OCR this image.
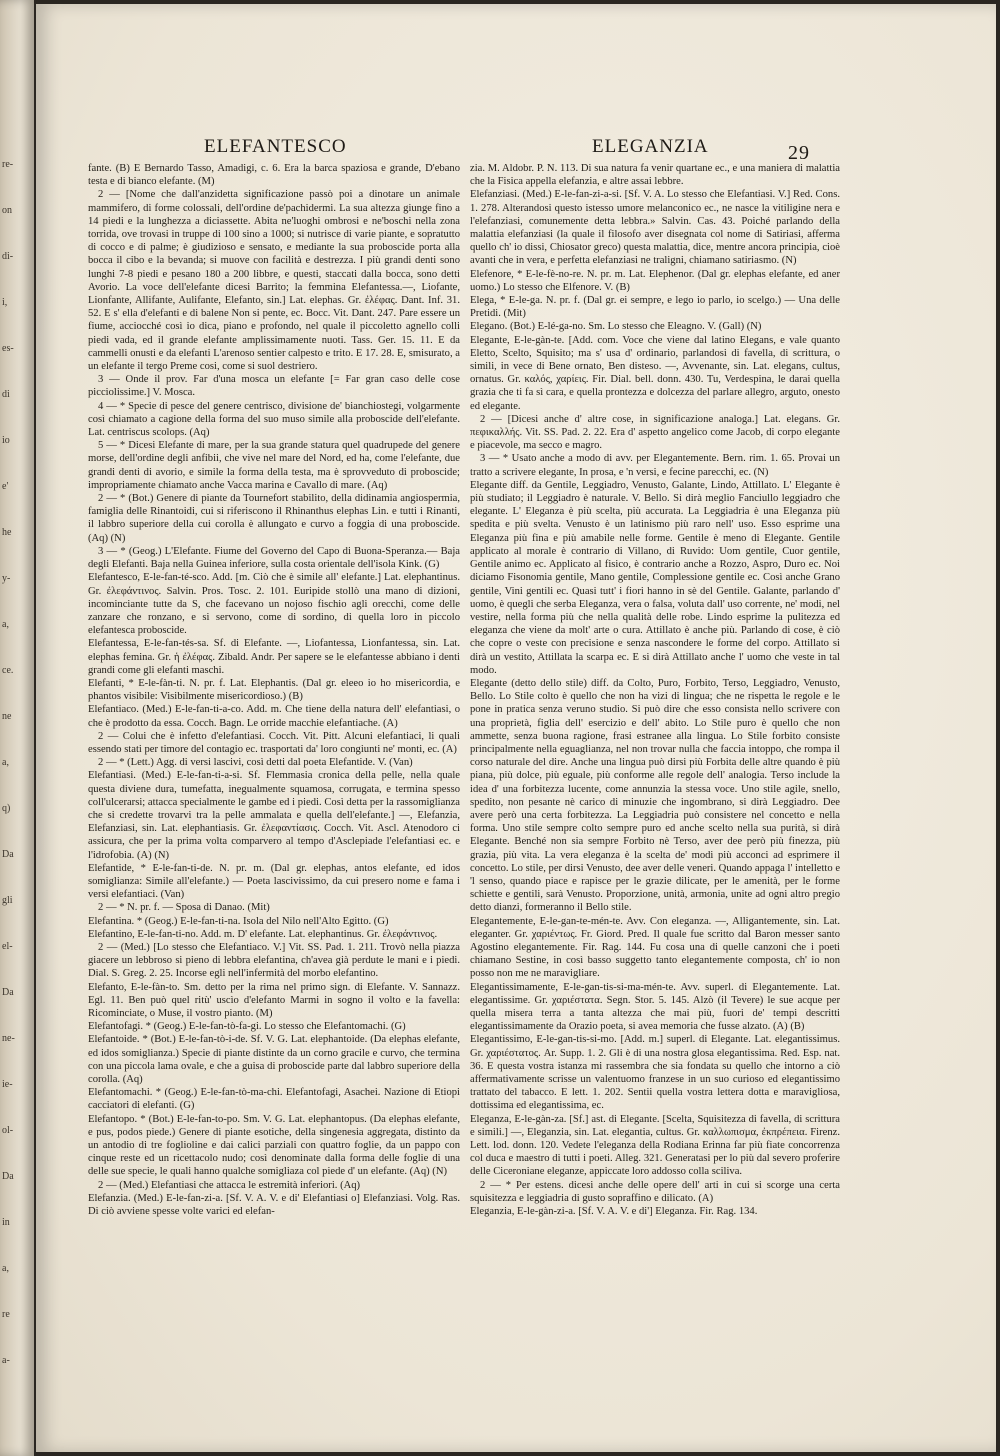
re-
on
di-
i,
es-
di
io
e'
he
y-
a,
ce.
ne
a,
q)
Da
gli
el-
Da
ne-
ie-
ol-
Da
in
a,
re
a-
ELEFANTESCO	ELEGANZIA	29

fante. (B) E Bernardo Tasso, Amadigi, c. 6. Era la barca spaziosa e grande, D'ebano testa e di bianco elefante. (M)

2 — [Nome che dall'anzidetta significazione passò poi a dinotare un animale mammifero, di forme colossali, dell'ordine de'pachidermi. La sua altezza giunge fino a 14 piedi e la lunghezza a diciassette. Abita ne'luoghi ombrosi e ne'boschi nella zona torrida, ove trovasi in truppe di 100 sino a 1000; si nutrisce di varie piante, e sopratutto di cocco e di palme; è giudizioso e sensato, e mediante la sua proboscide porta alla bocca il cibo e la bevanda; si muove con facilità e destrezza. I più grandi denti sono lunghi 7-8 piedi e pesano 180 a 200 libbre, e questi, staccati dalla bocca, sono detti Avorio. La voce dell'elefante dicesi Barrito; la femmina Elefantessa.—, Liofante, Lionfante, Allifante, Aulifante, Elefanto, sin.] Lat. elephas. Gr. ἐλέφας. Dant. Inf. 31. 52. E s' ella d'elefanti e di balene Non si pente, ec. Bocc. Vit. Dant. 247. Pare essere un fiume, acciocché così io dica, piano e profondo, nel quale il piccoletto agnello colli piedi vada, ed il grande elefante amplissimamente nuoti. Tass. Ger. 15. 11. E da cammelli onusti e da elefanti L'arenoso sentier calpesto e trito. E 17. 28. E, smisurato, a un elefante il tergo Preme cosi, come si suol destriero.

3 — Onde il prov. Far d'una mosca un elefante [= Far gran caso delle cose picciolissime.] V. Mosca.

4 — * Specie di pesce del genere centrisco, divisione de' bianchiostegi, volgarmente così chiamato a cagione della forma del suo muso simile alla proboscide dell'elefante. Lat. centriscus scolops. (Aq)

5 — * Dicesi Elefante di mare, per la sua grande statura quel quadrupede del genere morse, dell'ordine degli anfibii, che vive nel mare del Nord, ed ha, come l'elefante, due grandi denti di avorio, e simile la forma della testa, ma è sprovveduto di proboscide; impropriamente chiamato anche Vacca marina e Cavallo di mare. (Aq)

2 — * (Bot.) Genere di piante da Tournefort stabilito, della didinamia angiospermia, famiglia delle Rinantoidi, cui si riferiscono il Rhinanthus elephas Lin. e tutti i Rinanti, il labbro superiore della cui corolla è allungato e curvo a foggia di una proboscide. (Aq) (N)

3 — * (Geog.) L'Elefante. Fiume del Governo del Capo di Buona-Speranza.— Baja degli Elefanti. Baja nella Guinea inferiore, sulla costa orientale dell'isola Kink. (G)

Elefantesco, E-le-fan-té-sco. Add. [m. Ciò che è simile all' elefante.] Lat. elephantinus. Gr. ἐλεφάντινος. Salvin. Pros. Tosc. 2. 101. Euripide stollò una mano di dizioni, incominciante tutte da S, che facevano un nojoso fischio agli orecchi, come delle zanzare che ronzano, e si servono, come di sordino, di quella loro in piccolo elefantesca proboscide.

Elefantessa, E-le-fan-tés-sa. Sf. di Elefante. —, Liofantessa, Lionfantessa, sin. Lat. elephas femina. Gr. ἡ ἐλέφας. Zibald. Andr. Per sapere se le elefantesse abbiano i denti grandi come gli elefanti maschi.

Elefanti, * E-le-fàn-ti. N. pr. f. Lat. Elephantis. (Dal gr. eleeo io ho misericordia, e phantos visibile: Visibilmente misericordioso.) (B)

Elefantiaco. (Med.) E-le-fan-ti-a-co. Add. m. Che tiene della natura dell' elefantiasi, o che è prodotto da essa. Cocch. Bagn. Le orride macchie elefantiache. (A)

2 — Colui che è infetto d'elefantiasi. Cocch. Vit. Pitt. Alcuni elefantiaci, li quali essendo stati per timore del contagio ec. trasportati da' loro congiunti ne' monti, ec. (A)

2 — * (Lett.) Agg. di versi lascivi, così detti dal poeta Elefantide. V. (Van)

Elefantiasi. (Med.) E-le-fan-ti-a-si. Sf. Flemmasia cronica della pelle, nella quale questa diviene dura, tumefatta, inegualmente squamosa, corrugata, e termina spesso coll'ulcerarsi; attacca specialmente le gambe ed i piedi. Così detta per la rassomiglianza che si credette trovarvi tra la pelle ammalata e quella dell'elefante.] —, Elefanzia, Elefanziasi, sin. Lat. elephantiasis. Gr. ἐλεφαντίασις. Cocch. Vit. Ascl. Atenodoro ci assicura, che per la prima volta comparvero al tempo d'Asclepiade l'elefantiasi ec. e l'idrofobia. (A) (N)

Elefantide, * E-le-fan-ti-de. N. pr. m. (Dal gr. elephas, antos elefante, ed idos somiglianza: Simile all'elefante.) — Poeta lascivissimo, da cui presero nome e fama i versi elefantiaci. (Van)

2 — * N. pr. f. — Sposa di Danao. (Mit)

Elefantina. * (Geog.) E-le-fan-ti-na. Isola del Nilo nell'Alto Egitto. (G)

Elefantino, E-le-fan-ti-no. Add. m. D' elefante. Lat. elephantinus. Gr. ἐλεφάντινος.

2 — (Med.) [Lo stesso che Elefantiaco. V.] Vit. SS. Pad. 1. 211. Trovò nella piazza giacere un lebbroso si pieno di lebbra elefantina, ch'avea già perdute le mani e i piedi. Dial. S. Greg. 2. 25. Incorse egli nell'infermità del morbo elefantino.

Elefanto, E-le-fàn-to. Sm. detto per la rima nel primo sign. di Elefante. V. Sannazz. Egl. 11. Ben può quel ritù' uscìo d'elefanto Marmi in sogno il volto e la favella: Ricominciate, o Muse, il vostro pianto. (M)

Elefantofagi. * (Geog.) E-le-fan-tò-fa-gi. Lo stesso che Elefantomachi. (G)

Elefantoide. * (Bot.) E-le-fan-tò-i-de. Sf. V. G. Lat. elephantoide. (Da elephas elefante, ed idos somiglianza.) Specie di piante distinte da un corno gracile e curvo, che termina con una piccola lama ovale, e che a guisa di proboscide parte dal labbro superiore della corolla. (Aq)

Elefantomachi. * (Geog.) E-le-fan-tò-ma-chi. Elefantofagi, Asachei. Nazione di Etiopi cacciatori di elefanti. (G)

Elefantopo. * (Bot.) E-le-fan-to-po. Sm. V. G. Lat. elephantopus. (Da elephas elefante, e pus, podos piede.) Genere di piante esotiche, della singenesia aggregata, distinto da un antodio di tre foglioline e dai calici parziali con quattro foglie, da un pappo con cinque reste ed un ricettacolo nudo; così denominate dalla forma delle foglie di una delle sue specie, le quali hanno qualche somigliaza col piede d' un elefante. (Aq) (N)

2 — (Med.) Elefantiasi che attacca le estremità inferiori. (Aq)

Elefanzia. (Med.) E-le-fan-zi-a. [Sf. V. A. V. e di' Elefantiasi o] Elefanziasi. Volg. Ras. Di ciò avviene spesse volte varici ed elefan-

zia. M. Aldobr. P. N. 113. Di sua natura fa venir quartane ec., e una maniera di malattia che la Fisica appella elefanzia, e altre assai lebbre.

Elefanziasi. (Med.) E-le-fan-zi-a-si. [Sf. V. A. Lo stesso che Elefantiasi. V.] Red. Cons. 1. 278. Alterandosi questo istesso umore melanconico ec., ne nasce la vitiligine nera e l'elefanziasi, comunemente detta lebbra.» Salvin. Cas. 43. Poiché parlando della malattia elefanziasi (la quale il filosofo aver disegnata col nome di Satiriasi, afferma quello ch' io dissi, Chiosator greco) questa malattia, dice, mentre ancora principia, cioè avanti che in vera, e perfetta elefanziasi ne traligni, chiamano satiriasmo. (N)

Elefenore, * E-le-fè-no-re. N. pr. m. Lat. Elephenor. (Dal gr. elephas elefante, ed aner uomo.) Lo stesso che Elfenore. V. (B)

Elega, * E-le-ga. N. pr. f. (Dal gr. ei sempre, e lego io parlo, io scelgo.) — Una delle Pretidi. (Mit)

Elegano. (Bot.) E-lé-ga-no. Sm. Lo stesso che Eleagno. V. (Gall) (N)

Elegante, E-le-gàn-te. [Add. com. Voce che viene dal latino Elegans, e vale quanto Eletto, Scelto, Squisito; ma s' usa d' ordinario, parlandosi di favella, di scrittura, o simili, in vece di Bene ornato, Ben disteso. —, Avvenante, sin. Lat. elegans, cultus, ornatus. Gr. καλός, χαρίεις. Fir. Dial. bell. donn. 430. Tu, Verdespina, le darai quella grazia che ti fa sì cara, e quella prontezza e dolcezza del parlare allegro, arguto, onesto ed elegante.

2 — [Dicesi anche d' altre cose, in significazione analoga.] Lat. elegans. Gr. πεφικαλλής. Vit. SS. Pad. 2. 22. Era d' aspetto angelico come Jacob, di corpo elegante e piacevole, ma secco e magro.

3 — * Usato anche a modo di avv. per Elegantemente. Bern. rim. 1. 65. Provai un tratto a scrivere elegante, In prosa, e 'n versi, e fecine parecchi, ec. (N)

Elegante diff. da Gentile, Leggiadro, Venusto, Galante, Lindo, Attillato. L' Elegante è più studiato; il Leggiadro è naturale. V. Bello. Si dirà meglio Fanciullo leggiadro che elegante. L' Eleganza è più scelta, più accurata. La Leggiadria è una Eleganza più spedita e più svelta. Venusto è un latinismo più raro nell' uso. Esso esprime una Eleganza più fina e più amabile nelle forme. Gentile è meno di Elegante. Gentile applicato al morale è contrario di Villano, di Ruvido: Uom gentile, Cuor gentile, Gentile animo ec. Applicato al fisico, è contrario anche a Rozzo, Aspro, Duro ec. Noi diciamo Fisonomia gentile, Mano gentile, Complessione gentile ec. Così anche Grano gentile, Vini gentili ec. Quasi tutt' i fiori hanno in sè del Gentile. Galante, parlando d' uomo, è quegli che serba Eleganza, vera o falsa, voluta dall' uso corrente, ne' modi, nel vestire, nella forma più che nella qualità delle robe. Lindo esprime la pulitezza ed eleganza che viene da molt' arte o cura. Attillato è anche più. Parlando di cose, è ciò che copre o veste con precisione e senza nascondere le forme del corpo. Attillato si dirà un vestito, Attillata la scarpa ec. E si dirà Attillato anche l' uomo che veste in tal modo.

Elegante (detto dello stile) diff. da Colto, Puro, Forbito, Terso, Leggiadro, Venusto, Bello. Lo Stile colto è quello che non ha vizi di lingua; che ne rispetta le regole e le pone in pratica senza veruno studio. Si può dire che esso consista nello scrivere con una proprietà, figlia dell' esercizio e dell' abito. Lo Stile puro è quello che non ammette, senza buona ragione, frasi estranee alla lingua. Lo Stile forbito consiste principalmente nella eguaglianza, nel non trovar nulla che faccia intoppo, che rompa il corso naturale del dire. Anche una lingua può dirsi più Forbita delle altre quando è più piana, più dolce, più eguale, più conforme alle regole dell' analogia. Terso include la idea d' una forbitezza lucente, come annunzia la stessa voce. Uno stile agile, snello, spedito, non pesante nè carico di minuzie che ingombrano, si dirà Leggiadro. Dee avere però una certa forbitezza. La Leggiadria può consistere nel concetto e nella forma. Uno stile sempre colto sempre puro ed anche scelto nella sua purità, si dirà Elegante. Benché non sia sempre Forbito nè Terso, aver dee però più finezza, più grazia, più vita. La vera eleganza è la scelta de' modi più acconci ad esprimere il concetto. Lo stile, per dirsi Venusto, dee aver delle veneri. Quando appaga l' intelletto e 'l senso, quando piace e rapisce per le grazie dilicate, per le amenità, per le forme schiette e gentili, sarà Venusto. Proporzione, unità, armonia, unite ad ogni altro pregio detto dianzi, formeranno il Bello stile.

Elegantemente, E-le-gan-te-mén-te. Avv. Con eleganza. —, Alligantemente, sin. Lat. eleganter. Gr. χαριέντως. Fr. Giord. Pred. Il quale fue scritto dal Baron messer santo Agostino elegantemente. Fir. Rag. 144. Fu cosa una di quelle canzoni che i poeti chiamano Sestine, in così basso suggetto tanto elegantemente composta, ch' io non posso non me ne maravigliare.

Elegantissimamente, E-le-gan-tis-si-ma-mén-te. Avv. superl. di Elegantemente. Lat. elegantissime. Gr. χαριέστατα. Segn. Stor. 5. 145. Alzò (il Tevere) le sue acque per quella misera terra a tanta altezza che mai più, fuori de' tempi descritti elegantissimamente da Orazio poeta, si avea memoria che fusse alzato. (A) (B)

Elegantissimo, E-le-gan-tis-si-mo. [Add. m.] superl. di Elegante. Lat. elegantissimus. Gr. χαριέστατος. Ar. Supp. 1. 2. Gli è di una nostra glosa elegantissima. Red. Esp. nat. 36. E questa vostra istanza mi rassembra che sia fondata su quello che intorno a ciò affermativamente scrisse un valentuomo franzese in un suo curioso ed elegantissimo trattato del tabacco. E lett. 1. 202. Sentii quella vostra lettera dotta e maravigliosa, dottissima ed elegantissima, ec.

Eleganza, E-le-gàn-za. [Sf.] ast. di Elegante. [Scelta, Squisitezza di favella, di scrittura e simili.] —, Eleganzia, sin. Lat. elegantia, cultus. Gr. καλλωπισμα, ἐκπρέπεια. Firenz. Lett. lod. donn. 120. Vedete l'eleganza della Rodiana Erinna far più fiate concorrenza col duca e maestro di tutti i poeti. Alleg. 321. Generatasi per lo più dal severo proferire delle Ciceroniane eleganze, appiccate loro addosso colla scilivа.

2 — * Per estens. dicesi anche delle opere dell' arti in cui si scorge una certa squisitezza e leggiadria di gusto sopraffino e dilicato. (A)

Eleganzia, E-le-gàn-zi-a. [Sf. V. A. V. e di'] Eleganza. Fir. Rag. 134.
